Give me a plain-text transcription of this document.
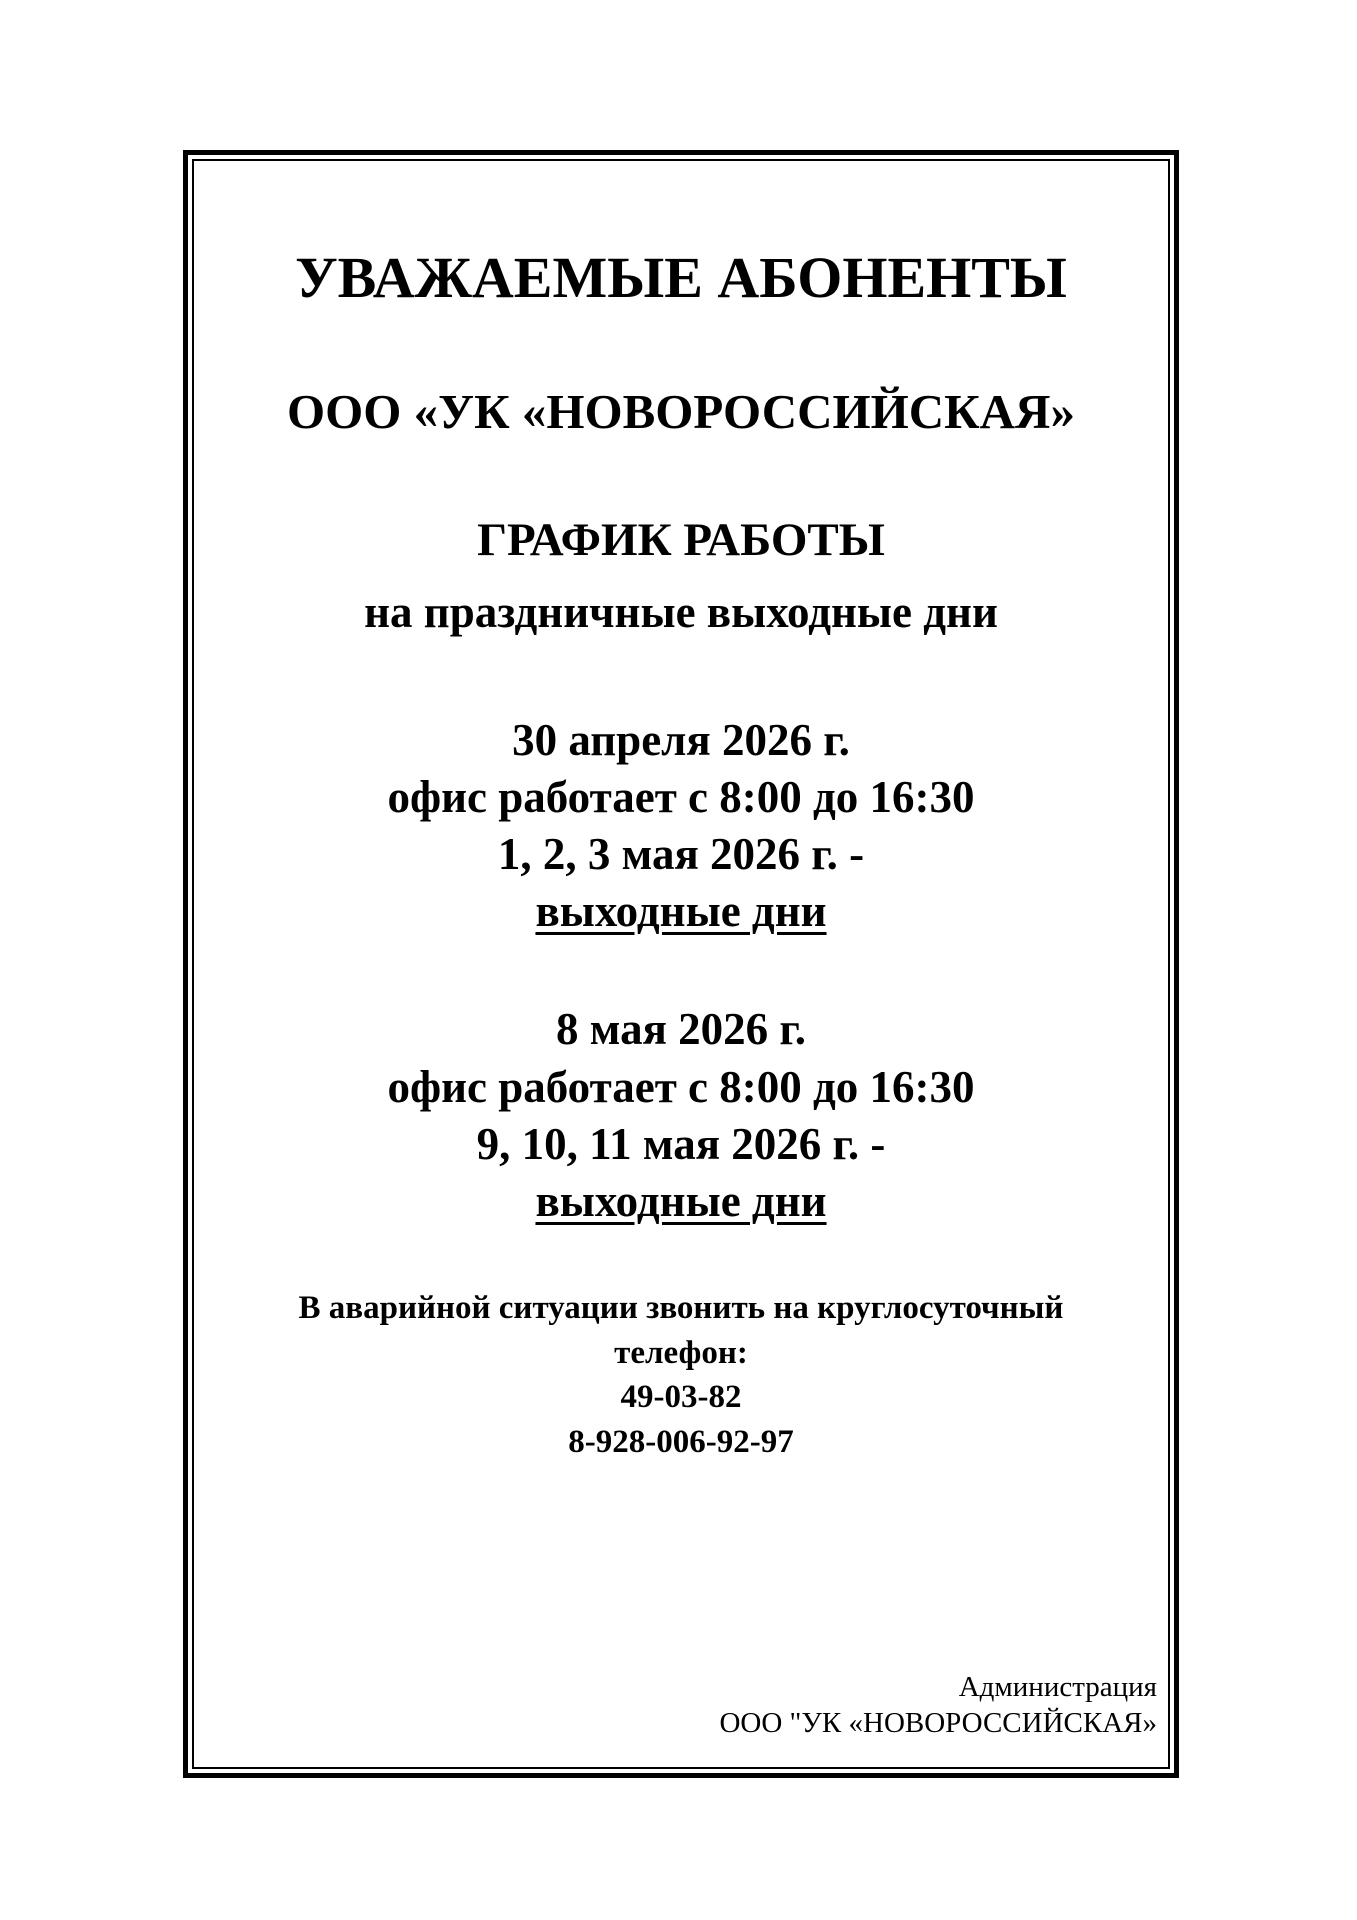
УВАЖАЕМЫЕ АБОНЕНТЫ
ООО «УК «НОВОРОССИЙСКАЯ»
ГРАФИК РАБОТЫ
на праздничные выходные дни
30 апреля 2026 г.
офис работает с 8:00 до 16:30
1, 2, 3 мая 2026 г. -
выходные дни
8 мая 2026 г.
офис работает с 8:00 до 16:30
9, 10, 11 мая 2026 г. -
выходные дни
В аварийной ситуации звонить на круглосуточный
телефон:
49-03-82
8-928-006-92-97
Администрация
ООО "УК «НОВОРОССИЙСКАЯ»
